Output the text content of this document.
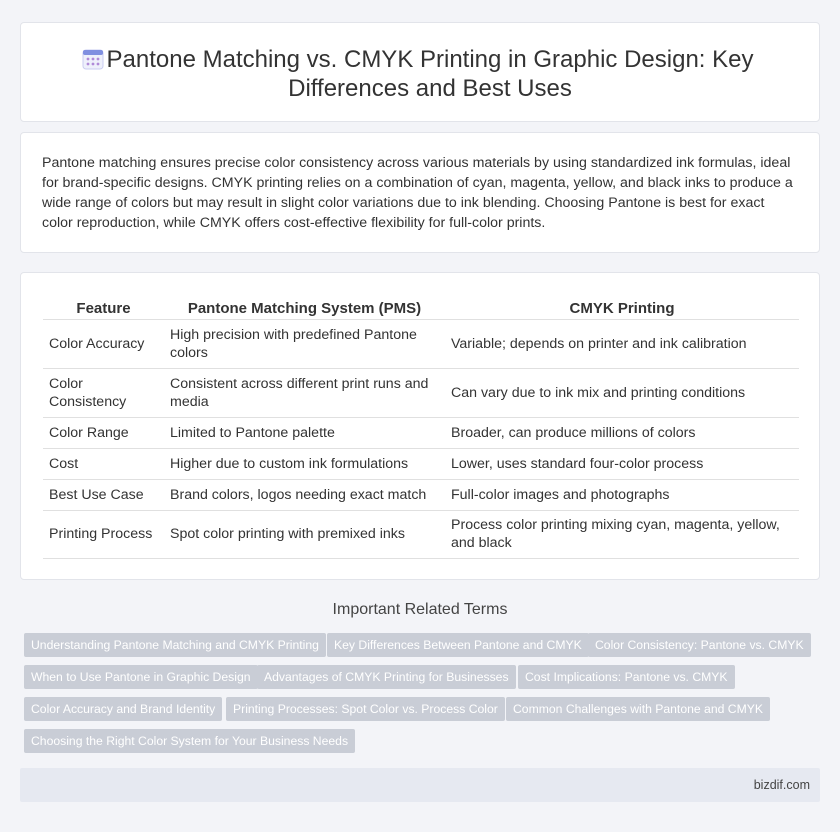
Pantone Matching vs. CMYK Printing in Graphic Design: Key Differences and Best Uses

Pantone matching ensures precise color consistency across various materials by using standardized ink formulas, ideal for brand-specific designs. CMYK printing relies on a combination of cyan, magenta, yellow, and black inks to produce a wide range of colors but may result in slight color variations due to ink blending. Choosing Pantone is best for exact color reproduction, while CMYK offers cost-effective flexibility for full-color prints.

Feature	Pantone Matching System (PMS)	CMYK Printing
Color Accuracy	High precision with predefined Pantone colors	Variable; depends on printer and ink calibration
Color Consistency	Consistent across different print runs and media	Can vary due to ink mix and printing conditions
Color Range	Limited to Pantone palette	Broader, can produce millions of colors
Cost	Higher due to custom ink formulations	Lower, uses standard four-color process
Best Use Case	Brand colors, logos needing exact match	Full-color images and photographs
Printing Process	Spot color printing with premixed inks	Process color printing mixing cyan, magenta, yellow, and black
Important Related Terms
Understanding Pantone Matching and CMYK Printing	Key Differences Between Pantone and CMYK	Color Consistency: Pantone vs. CMYK
When to Use Pantone in Graphic Design	Advantages of CMYK Printing for Businesses	Cost Implications: Pantone vs. CMYK
Color Accuracy and Brand Identity	Printing Processes: Spot Color vs. Process Color	Common Challenges with Pantone and CMYK
Choosing the Right Color System for Your Business Needs
bizdif.com
